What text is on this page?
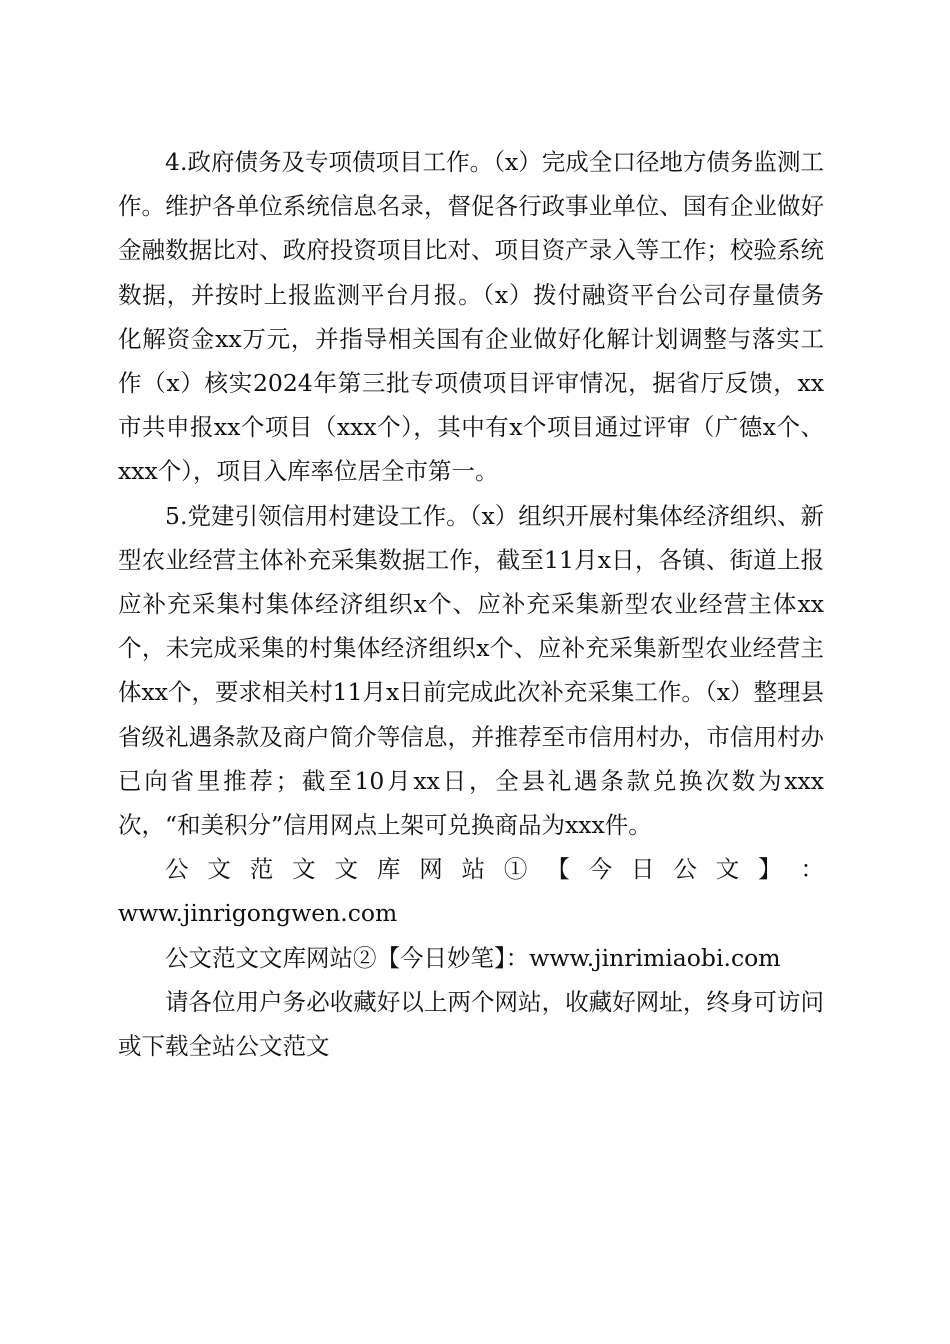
4.政府债务及专项债项目工作。（x）完成全口径地方债务监测工作。维护各单位系统信息名录，督促各行政事业单位、国有企业做好金融数据比对、政府投资项目比对、项目资产录入等工作；校验系统数据，并按时上报监测平台月报。（x）拨付融资平台公司存量债务化解资金xx万元，并指导相关国有企业做好化解计划调整与落实工作（x）核实2024年第三批专项债项目评审情况，据省厅反馈，xx市共申报xx个项目（xxx个），其中有x个项目通过评审（广德x个、xxx个），项目入库率位居全市第一。

5.党建引领信用村建设工作。（x）组织开展村集体经济组织、新型农业经营主体补充采集数据工作，截至11月x日，各镇、街道上报应补充采集村集体经济组织x个、应补充采集新型农业经营主体xx个，未完成采集的村集体经济组织x个、应补充采集新型农业经营主体xx个，要求相关村11月x日前完成此次补充采集工作。（x）整理县省级礼遇条款及商户简介等信息，并推荐至市信用村办，市信用村办已向省里推荐；截至10月xx日，全县礼遇条款兑换次数为xxx次，“和美积分”信用网点上架可兑换商品为xxx件。

公 文 范 文 文 库 网 站 ① 【 今 日 公 文 】 ：

www.jinrigongwen.com

公文范文文库网站②【今日妙笔】：www.jinrimiaobi.com

请各位用户务必收藏好以上两个网站，收藏好网址，终身可访问或下载全站公文范文
